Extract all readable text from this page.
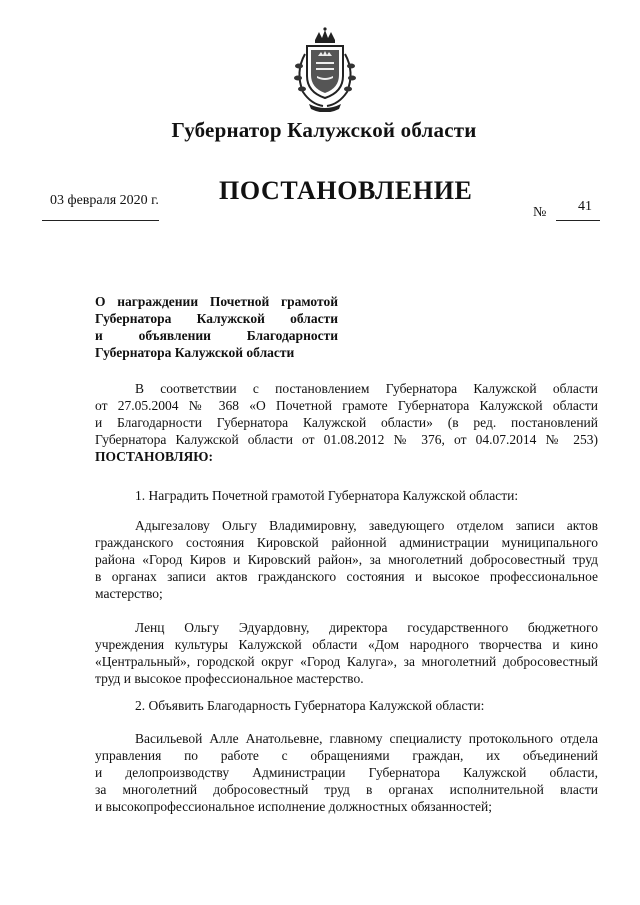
Губернатор Калужской области
03 февраля 2020 г. ПОСТАНОВЛЕНИЕ
№ 41
О награждении Почетной грамотой
Губернатора Калужской области
и объявлении Благодарности
Губернатора Калужской области
В соответствии с постановлением Губернатора Калужской области
от 27.05.2004 № 368 «О Почетной грамоте Губернатора Калужской области
и Благодарности Губернатора Калужской области» (в ред. постановлений
Губернатора Калужской области от 01.08.2012 № 376, от 04.07.2014 № 253)
ПОСТАНОВЛЯЮ:
1. Наградить Почетной грамотой Губернатора Калужской области:
Адыгезалову Ольгу Владимировну, заведующего отделом записи актов
гражданского состояния Кировской районной администрации муниципального
района «Город Киров и Кировский район», за многолетний добросовестный труд
в органах записи актов гражданского состояния и высокое профессиональное
мастерство;
Ленц Ольгу Эдуардовну, директора государственного бюджетного
учреждения культуры Калужской области «Дом народного творчества и кино
«Центральный», городской округ «Город Калуга», за многолетний добросовестный
труд и высокое профессиональное мастерство.
2. Объявить Благодарность Губернатора Калужской области:
Васильевой Алле Анатольевне, главному специалисту протокольного отдела
управления по работе с обращениями граждан, их объединений
и делопроизводству Администрации Губернатора Калужской области,
за многолетний добросовестный труд в органах исполнительной власти
и высокопрофессиональное исполнение должностных обязанностей;
